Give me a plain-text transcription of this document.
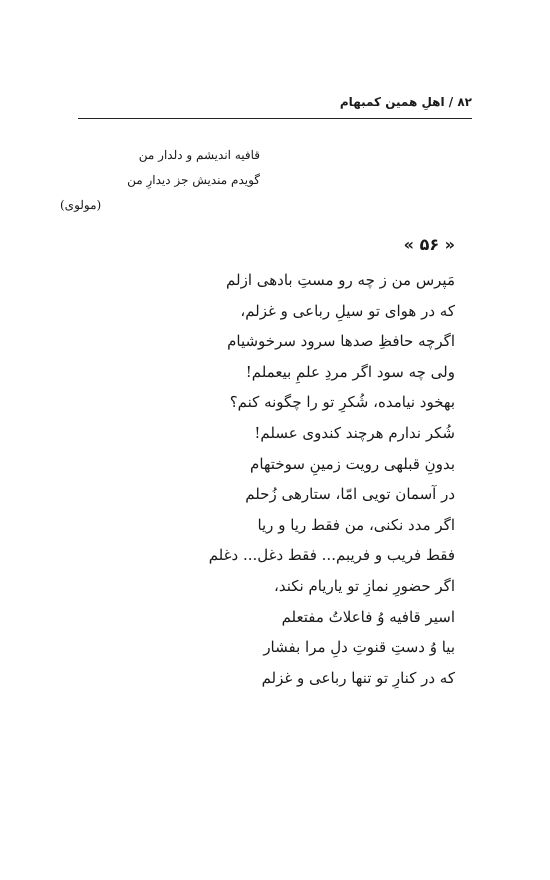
۸۲ / اهلِ همین کمبهام
قافیه اندیشم و دلدار من
گویدم مندیش جز دیدارِ من
(مولوی)
« ۵۶ »
مَپرس من ز چه رو مستِ بادهی ازلم
که در هوای تو سیلِ رباعی و غزلم،
اگرچه حافظِ صدها سرود سرخوشیام
ولی چه سود اگر مردِ علمِ بیعملم!
بهخود نیامده، شُکرِ تو را چگونه کنم؟
شُکر ندارم هرچند کندوی عسلم!
بدونِ قبلهی رویت زمینِ سوختهام
در آسمان تویی امّا، ستارهی زُحلم
اگر مدد نکنی، من فقط ریا و ریا
فقط فریب و فریبم... فقط دغل... دغلم
اگر حضورِ نمازِ تو یاریام نکند،
اسیر قافیه وُ فاعلاتُ مفتعلم
بیا وُ دستِ قنوتِ دلِ مرا بفشار
که در کنارِ تو تنها رباعی و غزلم
